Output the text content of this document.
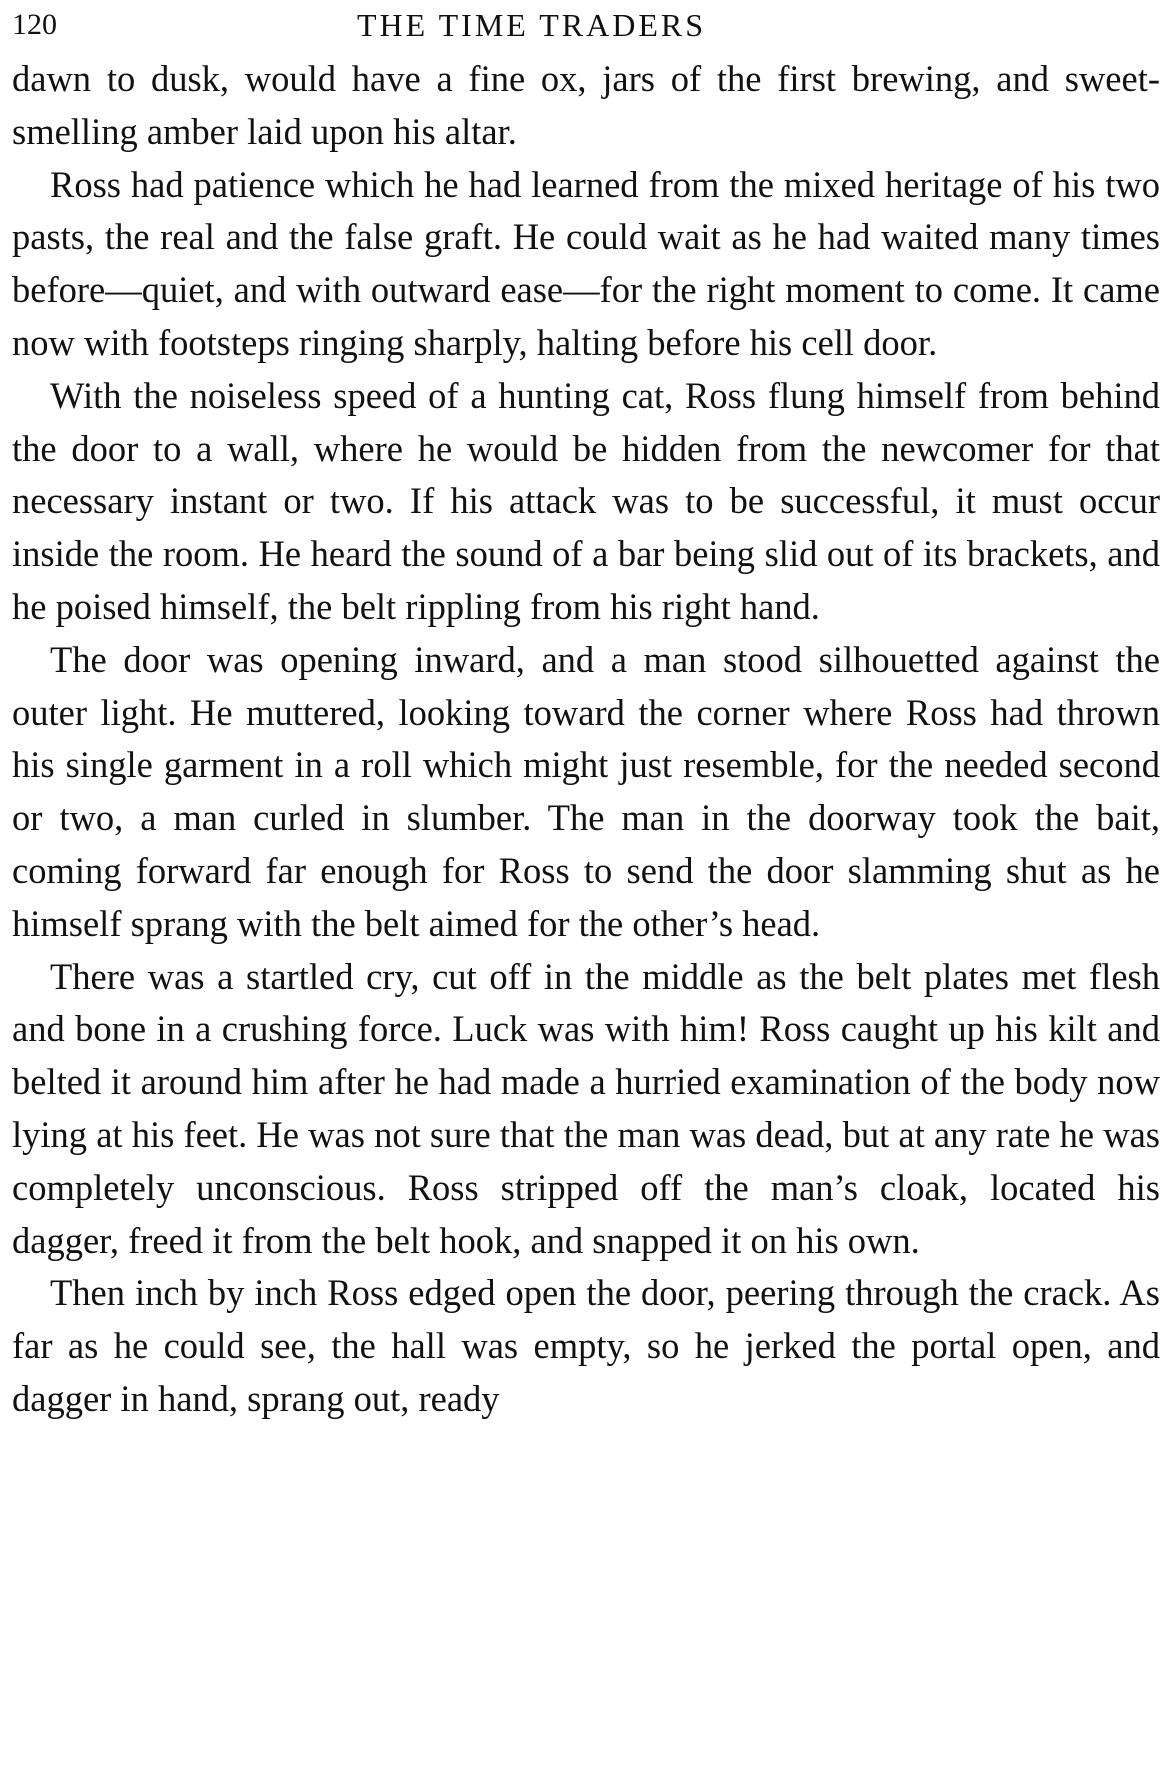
120	THE TIME TRADERS

dawn to dusk, would have a fine ox, jars of the first brewing, and sweet-smelling amber laid upon his altar.

Ross had patience which he had learned from the mixed heritage of his two pasts, the real and the false graft. He could wait as he had waited many times before—quiet, and with outward ease—for the right moment to come. It came now with footsteps ringing sharply, halting before his cell door.

With the noiseless speed of a hunting cat, Ross flung himself from behind the door to a wall, where he would be hidden from the newcomer for that necessary instant or two. If his attack was to be successful, it must occur inside the room. He heard the sound of a bar being slid out of its brackets, and he poised himself, the belt rippling from his right hand.

The door was opening inward, and a man stood silhouetted against the outer light. He muttered, looking toward the corner where Ross had thrown his single garment in a roll which might just resemble, for the needed second or two, a man curled in slumber. The man in the doorway took the bait, coming forward far enough for Ross to send the door slamming shut as he himself sprang with the belt aimed for the other’s head.

There was a startled cry, cut off in the middle as the belt plates met flesh and bone in a crushing force. Luck was with him! Ross caught up his kilt and belted it around him after he had made a hurried examination of the body now lying at his feet. He was not sure that the man was dead, but at any rate he was completely unconscious. Ross stripped off the man’s cloak, located his dagger, freed it from the belt hook, and snapped it on his own.

Then inch by inch Ross edged open the door, peering through the crack. As far as he could see, the hall was empty, so he jerked the portal open, and dagger in hand, sprang out, ready
